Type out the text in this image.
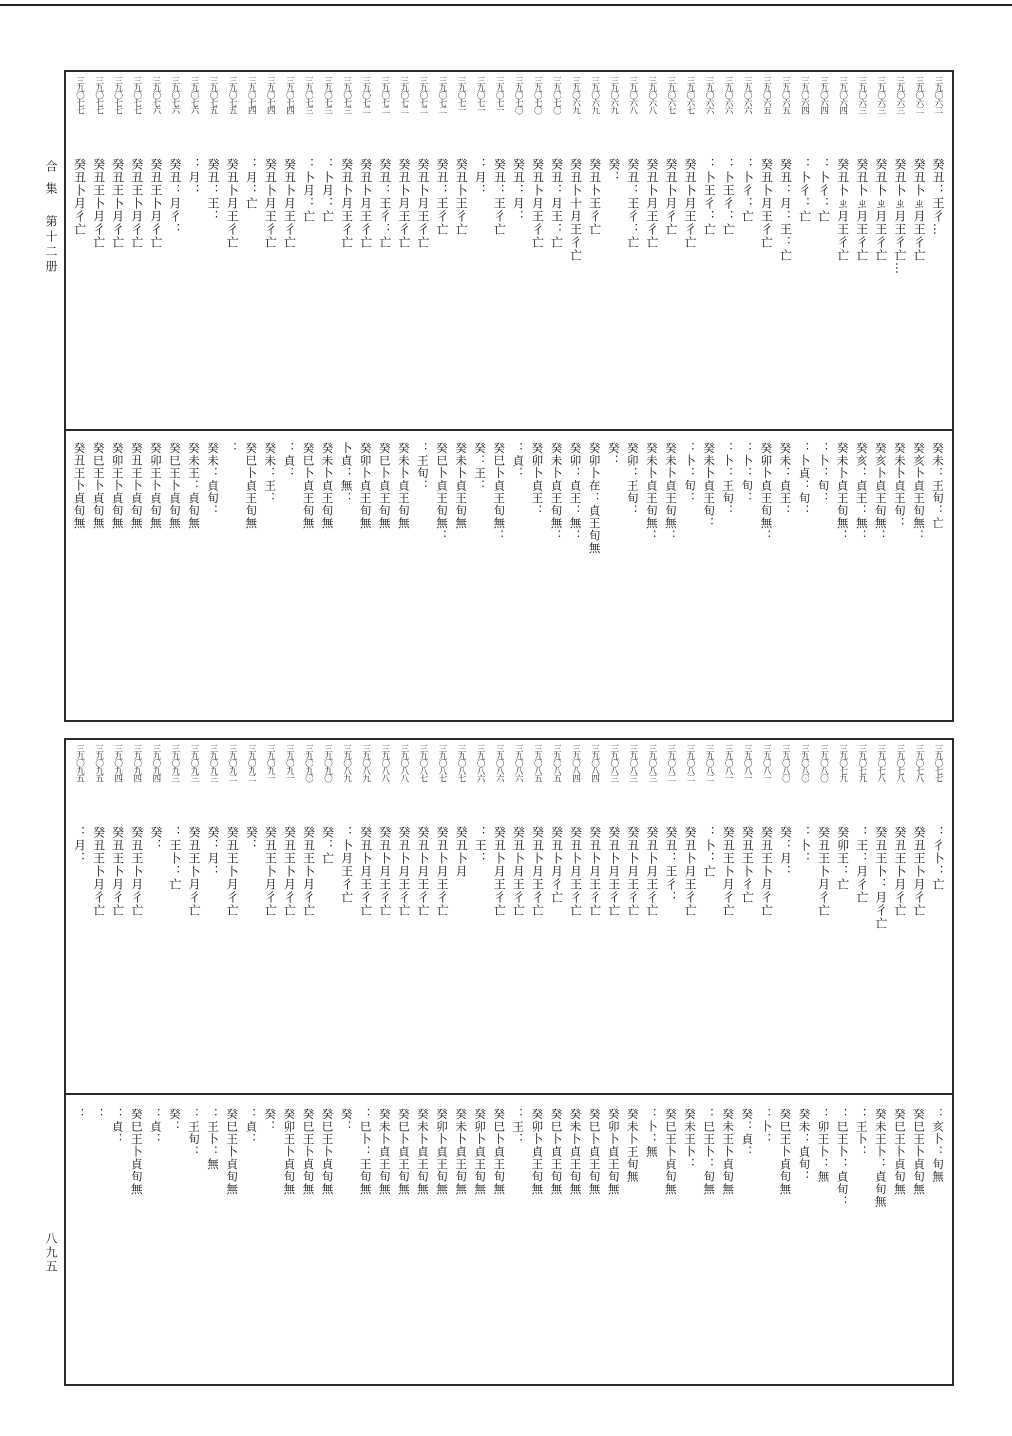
合 集第十二册
八九五
三九〇六二
癸丑：王彳…
三九〇六二
癸丑卜ㄓ月王彳亡
三九〇六三
癸丑卜ㄓ月王彳亡…
三九〇六三
癸丑卜ㄓ月王彳亡
三九〇六三
癸丑卜ㄓ月王彳亡
三九〇六四
癸丑卜ㄓ月王彳亡
三九〇六四
：卜彳：亡
三九〇六四
：卜彳：亡
三九〇六五
癸丑：月：王：亡
三九〇六五
癸丑卜月王彳亡
三九〇六六
：卜彳：亡
三九〇六六
：卜王彳：亡
三九〇六六
：卜王彳：亡
三九〇六七
癸丑卜月王彳亡
三九〇六七
癸丑卜月彳亡
三九〇六八
癸丑卜月王彳亡
三九〇六八
癸丑：王彳：亡
三九〇六九
癸：
三九〇六九
癸丑卜王彳亡
三九〇六九
癸丑卜十月王彳亡
三九〇七〇
癸丑：月王：亡
三九〇七〇
癸丑卜月王彳亡
三九〇七〇
癸丑：月：
三九〇七一
癸丑：王彳亡
三九〇七一
：月：
三九〇七一
癸丑卜王彳亡
三九〇七二
癸丑：王彳亡
三九〇七二
癸丑卜月王彳亡
三九〇七二
癸丑卜月王彳亡
三九〇七二
癸丑：王彳：亡
三九〇七二
癸丑卜月王彳亡
三九〇七三
癸丑卜月王彳亡
三九〇七三
：卜月：亡
三九〇七三
：卜月：亡
三九〇七四
癸丑卜月王彳亡
三九〇七四
癸丑卜月王彳亡
三九〇七四
：月：亡
三九〇七五
癸丑卜月王彳亡
三九〇七五
癸丑：王：
三九〇七六
：月：
三九〇七六
癸丑：月彳：
三九〇七六
癸丑王卜月彳亡
三九〇七七
癸丑王卜月彳亡
三九〇七七
癸丑王卜月彳亡
三九〇七七
癸丑王卜月彳亡
三九〇七七
癸丑卜月彳亡
癸未：王旬：亡
癸亥卜貞王旬無：
癸未卜貞王旬：
癸亥卜貞王旬無：
癸亥：貞王：無：
癸未卜貞王旬無：
：卜：旬：
：卜貞：旬：
癸未：貞王：
癸卯卜貞王旬無：
：卜：旬：
：卜：王旬：
癸未卜貞王旬：
：卜：旬：
癸未卜貞王旬無：
癸未卜貞王旬無：
癸卯：王旬：
癸：
癸卯卜在：貞王旬無
癸卯：貞王：無：
癸未卜貞王旬無：
癸卯卜貞王：
：貞：
癸巳卜貞王旬無：
癸：王：
癸未卜貞王旬無
癸巳卜貞王旬無：
：王旬：
癸未卜貞王旬無
癸巳卜貞王旬無
癸卯卜貞王旬無
卜貞：無：
癸未卜貞王旬無
癸巳卜貞王旬無
：貞：
癸未：王：
癸巳卜貞王旬無
：
癸未：貞旬：
癸未王：貞旬無
癸巳王卜貞旬無
癸卯王卜貞旬無
癸丑王卜貞旬無
癸卯王卜貞旬無
癸巳王卜貞旬無
癸丑王卜貞旬無
三九〇七七
：彳卜：亡
三九〇七八
癸丑王卜月彳亡
三九〇七八
癸丑王卜月彳亡
三九〇七八
癸丑王卜：月彳亡
三九〇七九
：王：月彳亡
三九〇七九
癸卯王：亡
三九〇八〇
癸丑王卜月彳亡
三九〇八〇
：卜：
三九〇八〇
癸：月：
三九〇八一
癸丑王卜月彳亡
三九〇八一
癸丑王卜彳亡
三九〇八一
癸丑王卜月彳亡
三九〇八二
：卜：亡
三九〇八二
癸丑卜月王彳亡
三九〇八二
癸丑：王彳：
三九〇八三
癸丑卜月王彳亡
三九〇八三
癸丑卜月王彳亡
三九〇八三
癸丑卜月王彳亡
三九〇八四
癸丑卜月王彳亡
三九〇八四
癸丑卜月王彳亡
三九〇八五
癸丑卜月彳亡
三九〇八五
癸丑卜月王彳亡
三九〇八六
癸丑卜月王彳亡
三九〇八六
癸丑卜月王彳亡
三九〇八六
：王：
三九〇八七
癸丑卜月
三九〇八七
癸丑卜月王彳亡
三九〇八七
癸丑卜月王彳亡
三九〇八八
癸丑卜月王彳亡
三九〇八八
癸丑卜月王彳亡
三九〇八九
癸丑卜月王彳亡
三九〇八九
：卜月王彳亡
三九〇九〇
癸：亡
三九〇九〇
癸丑王卜月彳亡
三九〇九一
癸丑王卜月彳亡
三九〇九一
癸丑王卜月彳亡
三九〇九二
癸：
三九〇九二
癸丑王卜月彳亡
三九〇九三
癸：月：
三九〇九三
癸丑王卜月彳亡
三九〇九三
：王卜：亡
三九〇九四
癸：
三九〇九四
癸丑王卜月彳亡
三九〇九四
癸丑王卜月彳亡
三九〇九五
癸丑王卜月彳亡
三九〇九五
：月：
：亥卜：旬無
癸巳王卜貞旬無
癸巳王卜貞旬無
癸未王卜：貞旬無
：王卜：
：巳王卜：貞旬：
：卯王卜：無
癸未：貞旬：
癸巳王卜貞旬無
：卜：
癸：貞：
癸未王卜貞旬無
：巳王卜：旬無
癸未王卜：
癸巳王卜貞旬無
：卜：無
癸未卜王旬無
癸卯卜貞王旬無
癸巳卜貞王旬無
癸未卜貞王旬無
癸巳卜貞王旬無
癸卯卜貞王旬無
：王：
癸巳卜貞王旬無
癸卯卜貞王旬無
癸未卜貞王旬無
癸卯卜貞王旬無
癸未卜貞王旬無
癸巳卜貞王旬無
癸未卜貞王旬無
：巳卜：王旬無
癸：
癸巳王卜貞旬無
癸巳王卜貞旬無
癸卯王卜貞旬無
癸：
：貞：
癸巳王卜貞旬無
：王卜：無
：王旬：
癸：
：貞：
癸巳王卜貞旬無
：貞：
：
：
